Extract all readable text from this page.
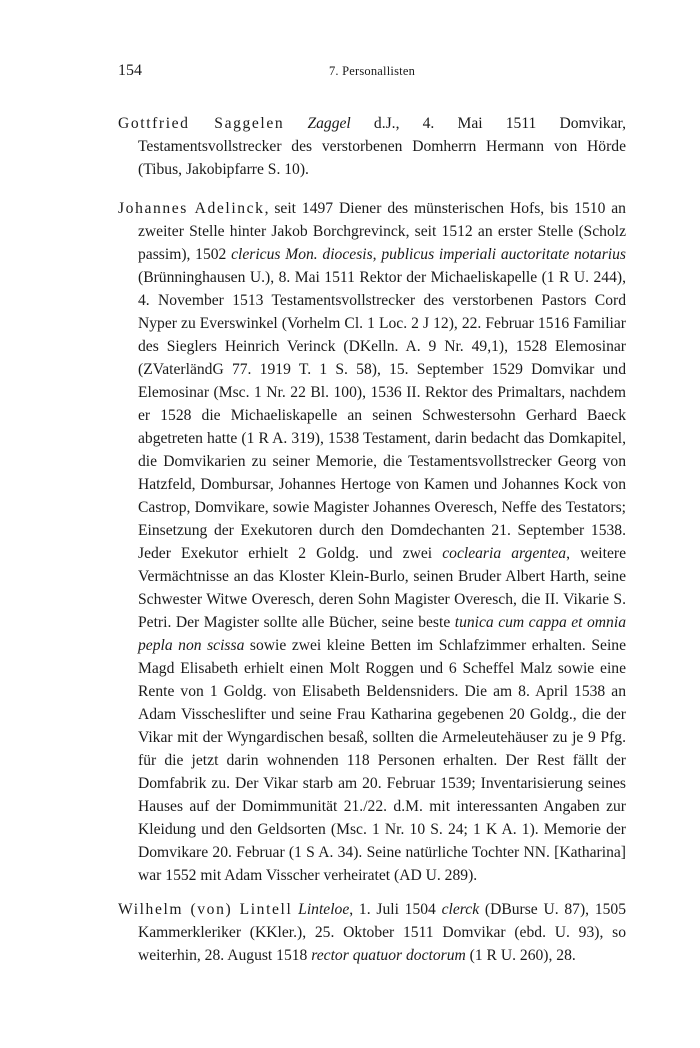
154	7. Personallisten

Gottfried Saggelen Zaggel d.J., 4. Mai 1511 Domvikar, Testamentsvollstrecker des verstorbenen Domherrn Hermann von Hörde (Tibus, Jakobipfarre S. 10).

Johannes Adelinck, seit 1497 Diener des münsterischen Hofs, bis 1510 an zweiter Stelle hinter Jakob Borchgrevinck, seit 1512 an erster Stelle (Scholz passim), 1502 clericus Mon. diocesis, publicus imperiali auctoritate notarius (Brünninghausen U.), 8. Mai 1511 Rektor der Michaeliskapelle (1 R U. 244), 4. November 1513 Testamentsvollstrecker des verstorbenen Pastors Cord Nyper zu Everswinkel (Vorhelm Cl. 1 Loc. 2 J 12), 22. Februar 1516 Familiar des Sieglers Heinrich Verinck (DKelln. A. 9 Nr. 49,1), 1528 Elemosinar (ZVaterländG 77. 1919 T. 1 S. 58), 15. September 1529 Domvikar und Elemosinar (Msc. 1 Nr. 22 Bl. 100), 1536 II. Rektor des Primaltars, nachdem er 1528 die Michaeliskapelle an seinen Schwestersohn Gerhard Baeck abgetreten hatte (1 R A. 319), 1538 Testament, darin bedacht das Domkapitel, die Domvikarien zu seiner Memorie, die Testamentsvollstrecker Georg von Hatzfeld, Dombursar, Johannes Hertoge von Kamen und Johannes Kock von Castrop, Domvikare, sowie Magister Johannes Overesch, Neffe des Testators; Einsetzung der Exekutoren durch den Domdechanten 21. September 1538. Jeder Exekutor erhielt 2 Goldg. und zwei coclearia argentea, weitere Vermächtnisse an das Kloster Klein-Burlo, seinen Bruder Albert Harth, seine Schwester Witwe Overesch, deren Sohn Magister Overesch, die II. Vikarie S. Petri. Der Magister sollte alle Bücher, seine beste tunica cum cappa et omnia pepla non scissa sowie zwei kleine Betten im Schlafzimmer erhalten. Seine Magd Elisabeth erhielt einen Molt Roggen und 6 Scheffel Malz sowie eine Rente von 1 Goldg. von Elisabeth Beldensniders. Die am 8. April 1538 an Adam Visscheslifter und seine Frau Katharina gegebenen 20 Goldg., die der Vikar mit der Wyngardischen besaß, sollten die Armeleutehäuser zu je 9 Pfg. für die jetzt darin wohnenden 118 Personen erhalten. Der Rest fällt der Domfabrik zu. Der Vikar starb am 20. Februar 1539; Inventarisierung seines Hauses auf der Domimmunität 21./22. d.M. mit interessanten Angaben zur Kleidung und den Geldsorten (Msc. 1 Nr. 10 S. 24; 1 K A. 1). Memorie der Domvikare 20. Februar (1 S A. 34). Seine natürliche Tochter NN. [Katharina] war 1552 mit Adam Visscher verheiratet (AD U. 289).

Wilhelm (von) Lintell Linteloe, 1. Juli 1504 clerck (DBurse U. 87), 1505 Kammerkleriker (KKler.), 25. Oktober 1511 Domvikar (ebd. U. 93), so weiterhin, 28. August 1518 rector quatuor doctorum (1 R U. 260), 28.
